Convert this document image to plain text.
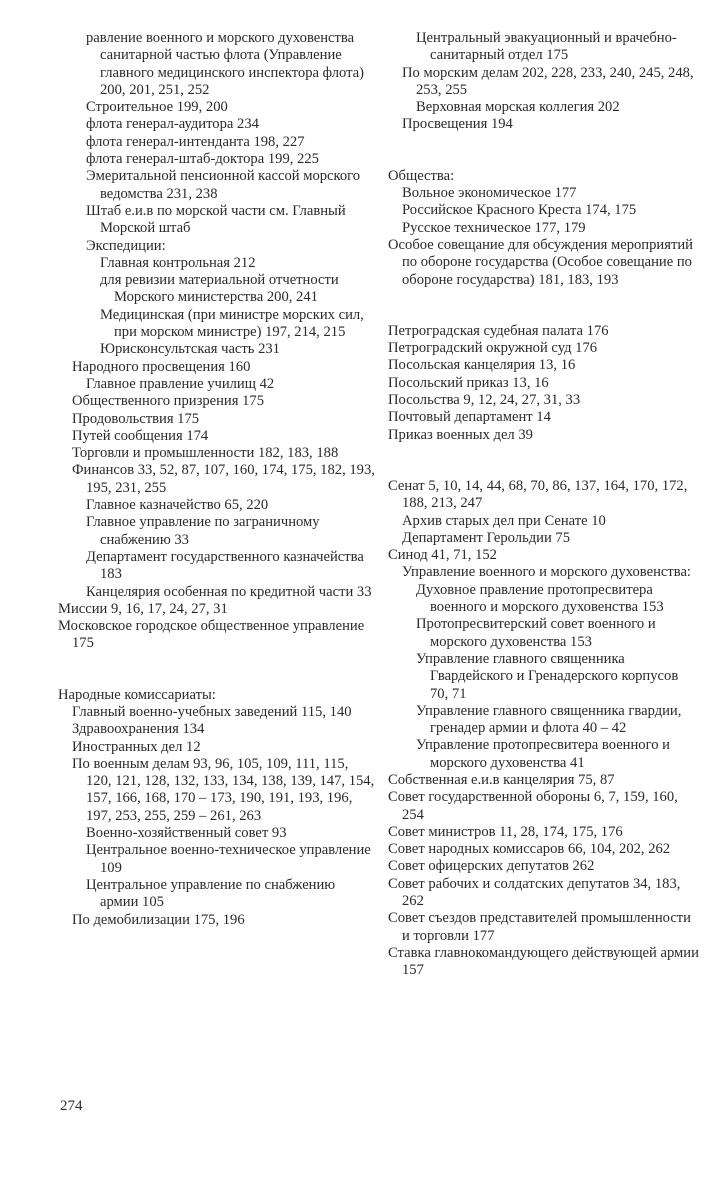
равление военного и морского духовенства санитарной частью флота (Управление главного медицинского инспектора флота) 200, 201, 251, 252
Строительное 199, 200
флота генерал-аудитора 234
флота генерал-интенданта 198, 227
флота генерал-штаб-доктора 199, 225
Эмеритальной пенсионной кассой морского ведомства 231, 238
Штаб е.и.в по морской части см. Главный Морской штаб
Экспедиции:
Главная контрольная 212
для ревизии материальной отчетности Морского министерства 200, 241
Медицинская (при министре морских сил, при морском министре) 197, 214, 215
Юрисконсультская часть 231
Народного просвещения 160
Главное правление училищ 42
Общественного призрения 175
Продовольствия 175
Путей сообщения 174
Торговли и промышленности 182, 183, 188
Финансов 33, 52, 87, 107, 160, 174, 175, 182, 193, 195, 231, 255
Главное казначейство 65, 220
Главное управление по заграничному снабжению 33
Департамент государственного казначейства 183
Канцелярия особенная по кредитной части 33
Миссии 9, 16, 17, 24, 27, 31
Московское городское общественное управление 175
Народные комиссариаты:
Главный военно-учебных заведений 115, 140
Здравоохранения 134
Иностранных дел 12
По военным делам 93, 96, 105, 109, 111, 115, 120, 121, 128, 132, 133, 134, 138, 139, 147, 154, 157, 166, 168, 170 – 173, 190, 191, 193, 196, 197, 253, 255, 259 – 261, 263
Военно-хозяйственный совет 93
Центральное военно-техническое управление 109
Центральное управление по снабжению армии 105
По демобилизации 175, 196
Центральный эвакуационный и врачебно-санитарный отдел 175
По морским делам 202, 228, 233, 240, 245, 248, 253, 255
Верховная морская коллегия 202
Просвещения 194
Общества:
Вольное экономическое 177
Российское Красного Креста 174, 175
Русское техническое 177, 179
Особое совещание для обсуждения мероприятий по обороне государства (Особое совещание по обороне государства) 181, 183, 193
Петроградская судебная палата 176
Петроградский окружной суд 176
Посольская канцелярия 13, 16
Посольский приказ 13, 16
Посольства 9, 12, 24, 27, 31, 33
Почтовый департамент 14
Приказ военных дел 39
Сенат 5, 10, 14, 44, 68, 70, 86, 137, 164, 170, 172, 188, 213, 247
Архив старых дел при Сенате 10
Департамент Герольдии 75
Синод 41, 71, 152
Управление военного и морского духовенства:
Духовное правление протопресвитера военного и морского духовенства 153
Протопресвитерский совет военного и морского духовенства 153
Управление главного священника Гвардейского и Гренадерского корпусов 70, 71
Управление главного священника гвардии, гренадер армии и флота 40 – 42
Управление протопресвитера военного и морского духовенства 41
Собственная е.и.в канцелярия 75, 87
Совет государственной обороны 6, 7, 159, 160, 254
Совет министров 11, 28, 174, 175, 176
Совет народных комиссаров 66, 104, 202, 262
Совет офицерских депутатов 262
Совет рабочих и солдатских депутатов 34, 183, 262
Совет съездов представителей промышленности и торговли 177
Ставка главнокомандующего действующей армии 157
274
